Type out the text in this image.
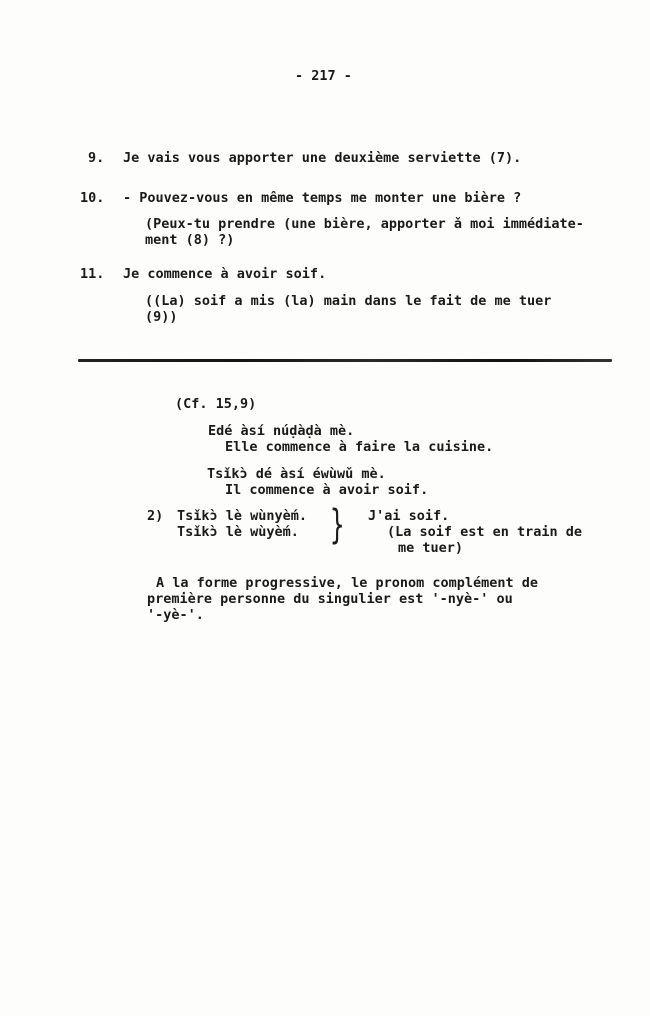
- 217 -
9. Je vais vous apporter une deuxième serviette (7).
10. - Pouvez-vous en même temps me monter une bière ?
(Peux-tu prendre (une bière, apporter ǎ moi immédiate-
ment (8) ?)
11. Je commence à avoir soif.
((La) soif a mis (la) main dans le fait de me tuer
(9))
(Cf. 15,9)
Edé àsí núḍàḍà mè.
Elle commence à faire la cuisine.
Tsǐkɔ̀ dé àsí éwùwǔ mè.
Il commence à avoir soif.
2) Tsǐkɔ̀ lè wùnyèḿ.
Tsǐkɔ̀ lè wùyèḿ. } J'ai soif.
(La soif est en train de
me tuer)
A la forme progressive, le pronom complément de
première personne du singulier est '-nyè-' ou
'-yè-'.
